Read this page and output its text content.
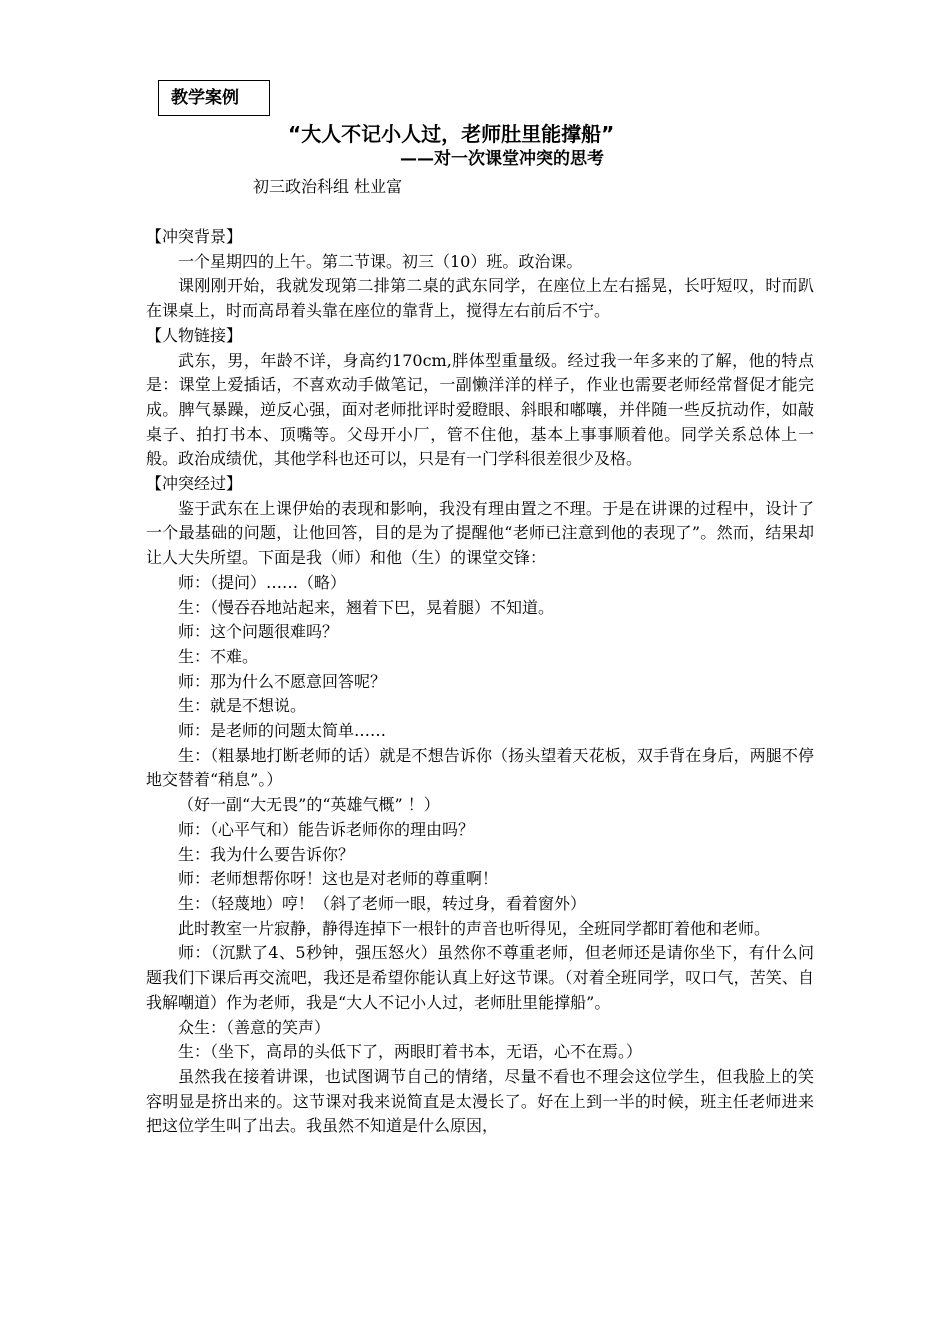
教学案例
“大人不记小人过，老师肚里能撑船”
——对一次课堂冲突的思考
初三政治科组 杜业富

【冲突背景】

一个星期四的上午。第二节课。初三（10）班。政治课。

课刚刚开始，我就发现第二排第二桌的武东同学，在座位上左右摇晃，长吁短叹，时而趴在课桌上，时而高昂着头靠在座位的靠背上，搅得左右前后不宁。

【人物链接】

武东，男，年龄不详，身高约170cm,胖体型重量级。经过我一年多来的了解，他的特点是：课堂上爱插话，不喜欢动手做笔记，一副懒洋洋的样子，作业也需要老师经常督促才能完成。脾气暴躁，逆反心强，面对老师批评时爱瞪眼、斜眼和嘟嚷，并伴随一些反抗动作，如敲桌子、拍打书本、顶嘴等。父母开小厂，管不住他，基本上事事顺着他。同学关系总体上一般。政治成绩优，其他学科也还可以，只是有一门学科很差很少及格。

【冲突经过】

鉴于武东在上课伊始的表现和影响，我没有理由置之不理。于是在讲课的过程中，设计了一个最基础的问题，让他回答，目的是为了提醒他“老师已注意到他的表现了”。然而，结果却让人大失所望。下面是我（师）和他（生）的课堂交锋：

师：（提问）……（略）

生：（慢吞吞地站起来，翘着下巴，晃着腿）不知道。

师：这个问题很难吗？

生：不难。

师：那为什么不愿意回答呢？

生：就是不想说。

师：是老师的问题太简单……

生：（粗暴地打断老师的话）就是不想告诉你（扬头望着天花板，双手背在身后，两腿不停地交替着“稍息”。）

（好一副“大无畏”的“英雄气概” ！）

师：（心平气和）能告诉老师你的理由吗？

生：我为什么要告诉你？

师：老师想帮你呀！这也是对老师的尊重啊！

生：（轻蔑地）哼！（斜了老师一眼，转过身，看着窗外）

此时教室一片寂静，静得连掉下一根针的声音也听得见，全班同学都盯着他和老师。

师：（沉默了4、5秒钟，强压怒火）虽然你不尊重老师，但老师还是请你坐下，有什么问题我们下课后再交流吧，我还是希望你能认真上好这节课。（对着全班同学，叹口气，苦笑、自我解嘲道）作为老师，我是“大人不记小人过，老师肚里能撑船”。

众生：（善意的笑声）

生：（坐下，高昂的头低下了，两眼盯着书本，无语，心不在焉。）

虽然我在接着讲课，也试图调节自己的情绪，尽量不看也不理会这位学生，但我脸上的笑容明显是挤出来的。这节课对我来说简直是太漫长了。好在上到一半的时候，班主任老师进来把这位学生叫了出去。我虽然不知道是什么原因，
